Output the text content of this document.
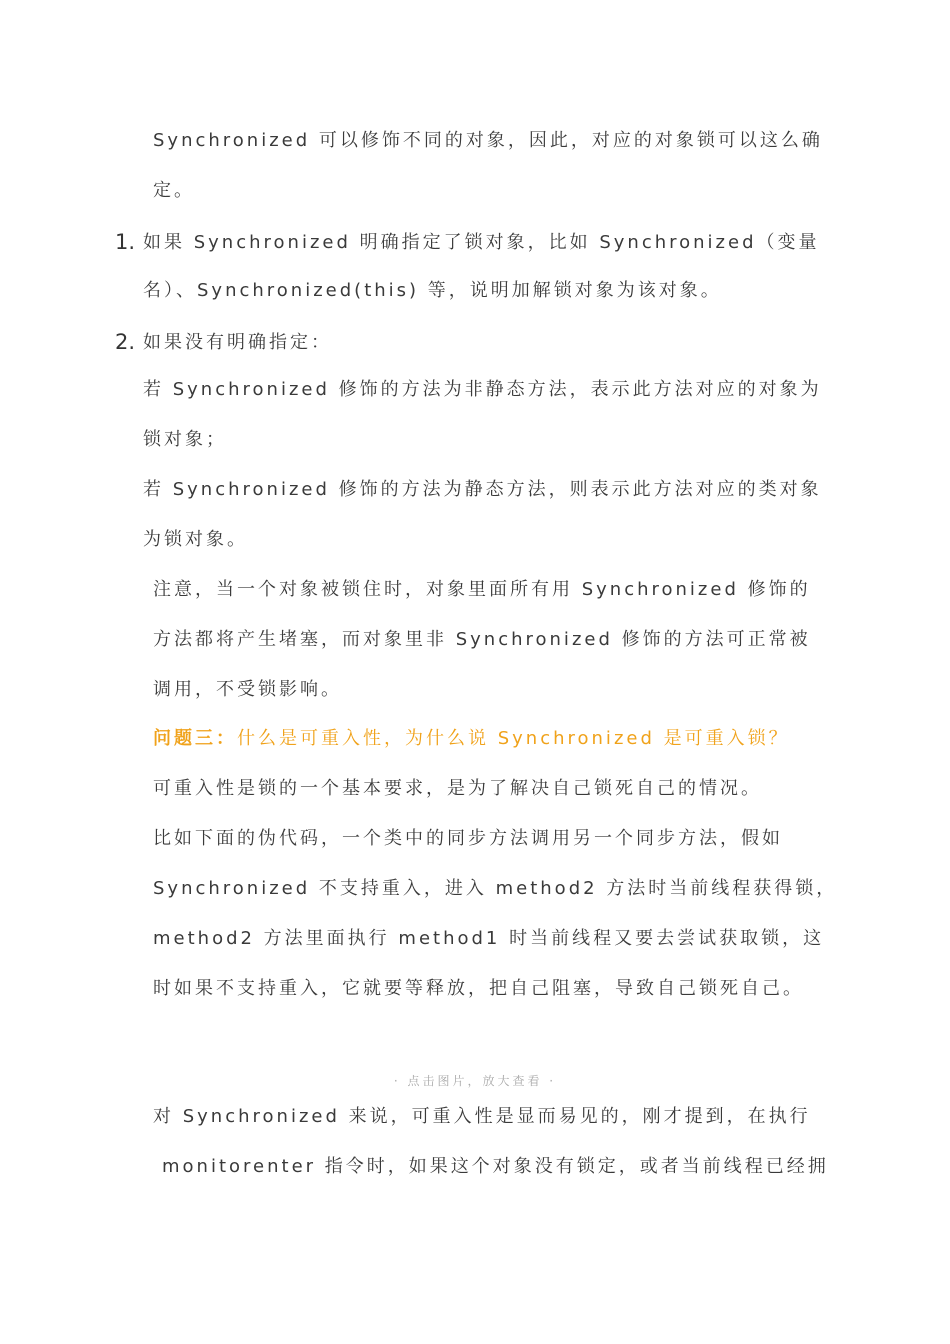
Synchronized 可以修饰不同的对象，因此，对应的对象锁可以这么确
定。
1. 如果 Synchronized 明确指定了锁对象，比如 Synchronized（变量
名）、Synchronized(this) 等，说明加解锁对象为该对象。
2. 如果没有明确指定：
若 Synchronized 修饰的方法为非静态方法，表示此方法对应的对象为
锁对象；
若 Synchronized 修饰的方法为静态方法，则表示此方法对应的类对象
为锁对象。
注意，当一个对象被锁住时，对象里面所有用 Synchronized 修饰的
方法都将产生堵塞，而对象里非 Synchronized 修饰的方法可正常被
调用，不受锁影响。
问题三：什么是可重入性，为什么说 Synchronized 是可重入锁？
可重入性是锁的一个基本要求，是为了解决自己锁死自己的情况。
比如下面的伪代码，一个类中的同步方法调用另一个同步方法，假如
Synchronized 不支持重入，进入 method2 方法时当前线程获得锁，
method2 方法里面执行 method1 时当前线程又要去尝试获取锁，这
时如果不支持重入，它就要等释放，把自己阻塞，导致自己锁死自己。
· 点击图片，放大查看 ·
对 Synchronized 来说，可重入性是显而易见的，刚才提到，在执行
monitorenter 指令时，如果这个对象没有锁定，或者当前线程已经拥
